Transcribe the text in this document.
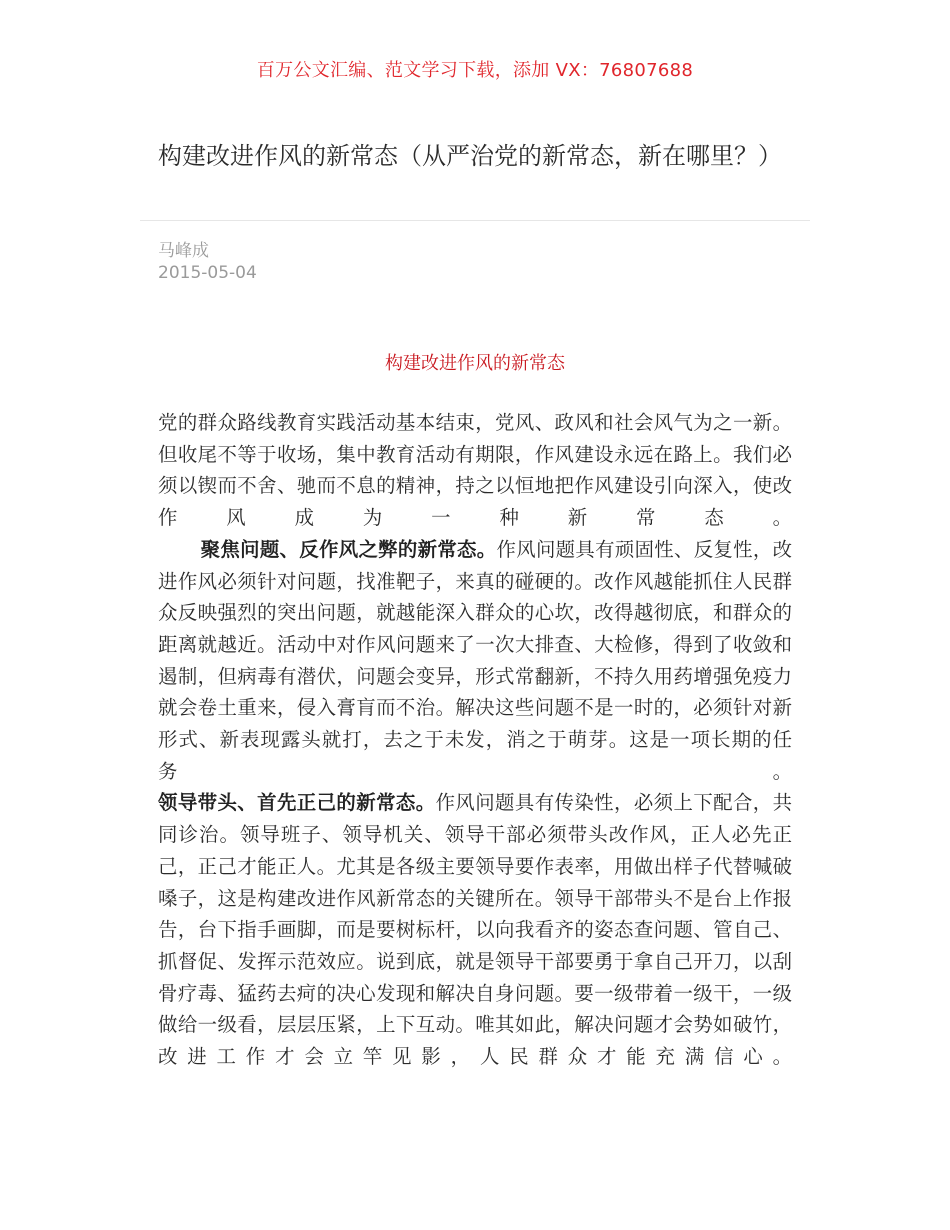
百万公文汇编、范文学习下载，添加 VX：76807688
构建改进作风的新常态（从严治党的新常态，新在哪里？）
马峰成
2015-05-04
构建改进作风的新常态

党的群众路线教育实践活动基本结束，党风、政风和社会风气为之一新。但收尾不等于收场，集中教育活动有期限，作风建设永远在路上。我们必须以锲而不舍、驰而不息的精神，持之以恒地把作风建设引向深入，使改作风成为一种新常态。

聚焦问题、反作风之弊的新常态。作风问题具有顽固性、反复性，改进作风必须针对问题，找准靶子，来真的碰硬的。改作风越能抓住人民群众反映强烈的突出问题，就越能深入群众的心坎，改得越彻底，和群众的距离就越近。活动中对作风问题来了一次大排查、大检修，得到了收敛和遏制，但病毒有潜伏，问题会变异，形式常翻新，不持久用药增强免疫力就会卷土重来，侵入膏肓而不治。解决这些问题不是一时的，必须针对新形式、新表现露头就打，去之于未发，消之于萌芽。这是一项长期的任务。

领导带头、首先正己的新常态。作风问题具有传染性，必须上下配合，共同诊治。领导班子、领导机关、领导干部必须带头改作风，正人必先正己，正己才能正人。尤其是各级主要领导要作表率，用做出样子代替喊破嗓子，这是构建改进作风新常态的关键所在。领导干部带头不是台上作报告，台下指手画脚，而是要树标杆，以向我看齐的姿态查问题、管自己、抓督促、发挥示范效应。说到底，就是领导干部要勇于拿自己开刀，以刮骨疗毒、猛药去疴的决心发现和解决自身问题。要一级带着一级干，一级做给一级看，层层压紧，上下互动。唯其如此，解决问题才会势如破竹，改进工作才会立竿见影，人民群众才能充满信心。
